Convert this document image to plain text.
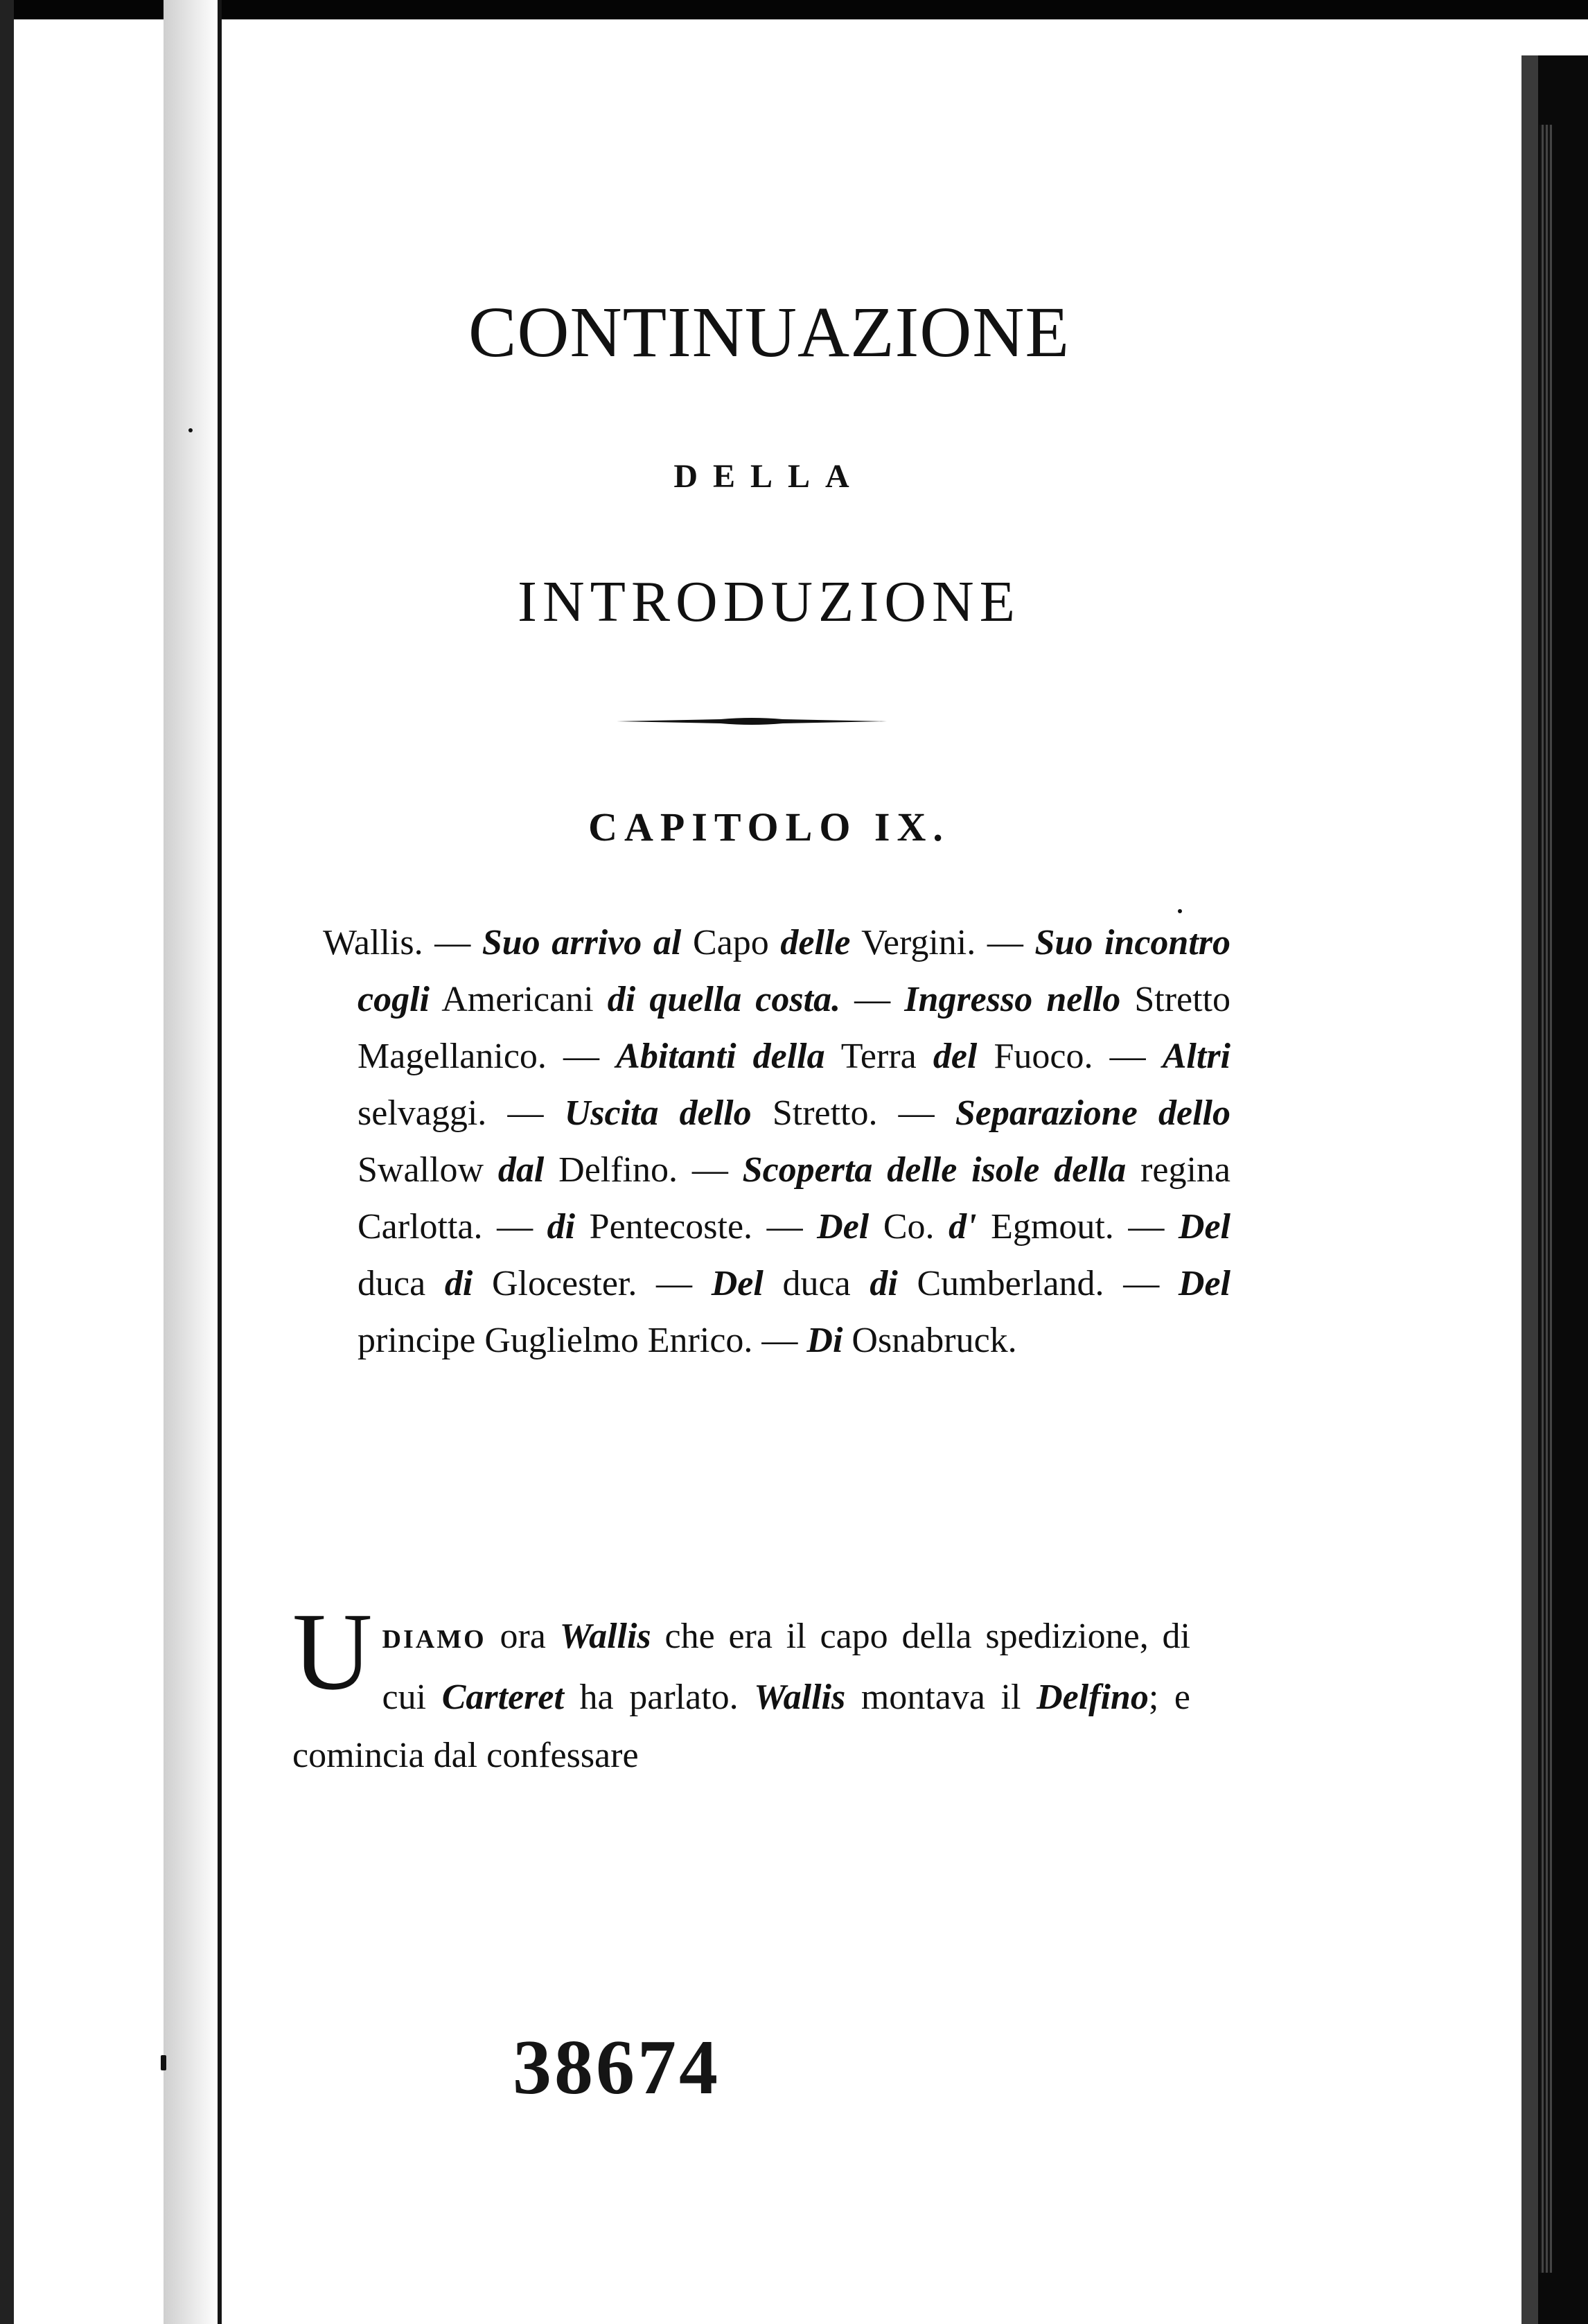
CONTINUAZIONE
DELLA
INTRODUZIONE
CAPITOLO IX.
Wallis. — Suo arrivo al Capo delle Vergini. — Suo incontro cogli Americani di quella costa. — Ingresso nello Stretto Magellanico. — Abitanti della Terra del Fuoco. — Altri selvaggi. — Uscita dello Stretto. — Separazione dello Swallow dal Delfino. — Scoperta delle isole della regina Carlotta. — di Pentecoste. — Del Co. d' Egmout. — Del duca di Glocester. — Del duca di Cumberland. — Del principe Guglielmo Enrico. — Di Osnabruck.
UDIAMO ora Wallis che era il capo della spedizione, di cui Carteret ha parlato. Wallis montava il Delfino; e comincia dal confessare
38674
